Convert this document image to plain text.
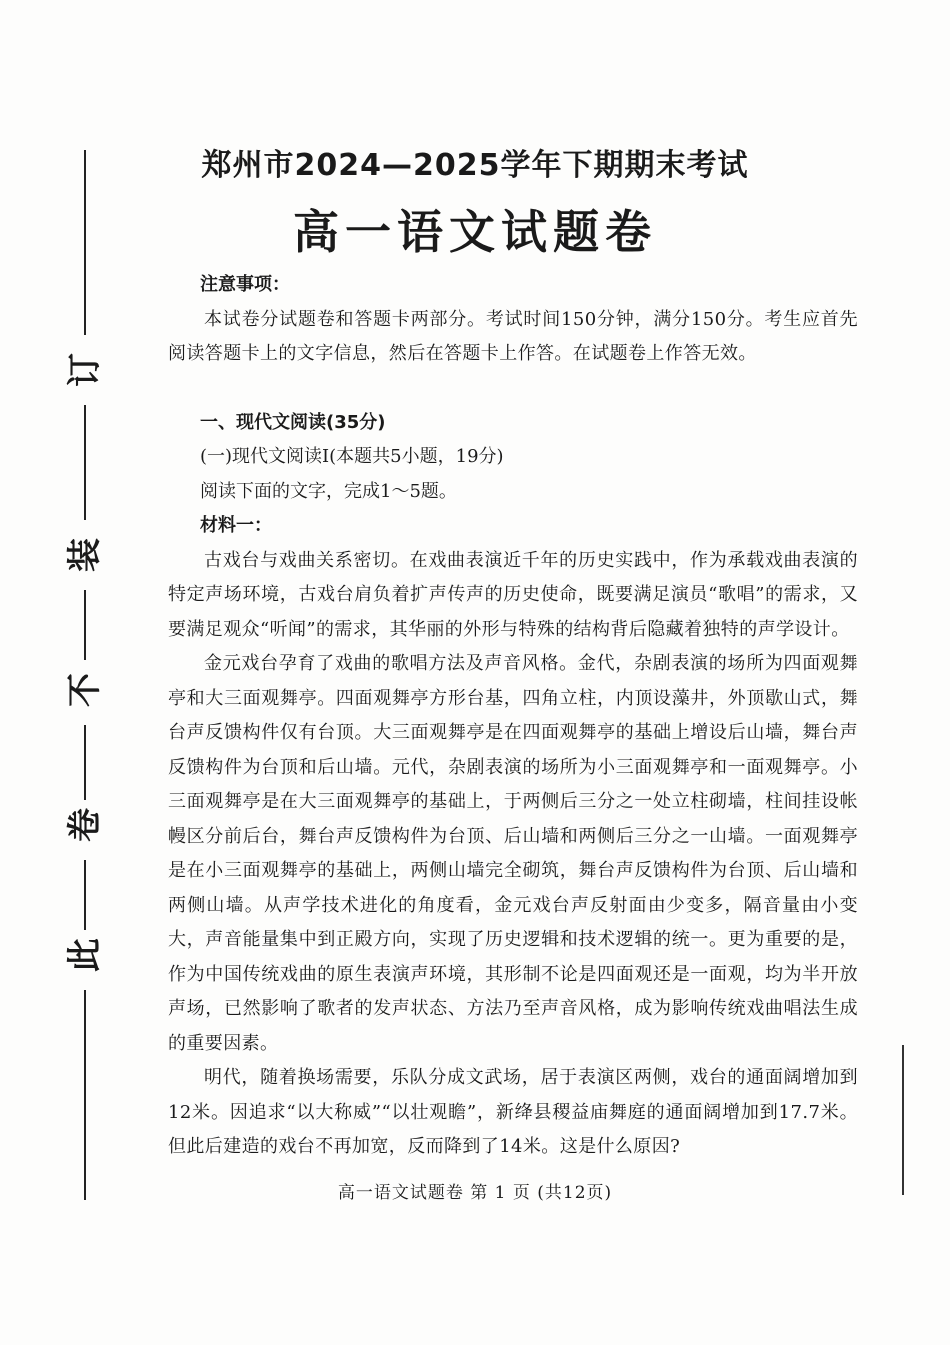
订
装
不
卷
此
郑州市2024—2025学年下期期末考试
高一语文试题卷
注意事项：

本试卷分试题卷和答题卡两部分。考试时间150分钟，满分150分。考生应首先阅读答题卡上的文字信息，然后在答题卡上作答。在试题卷上作答无效。

一、现代文阅读(35分)

(一)现代文阅读Ⅰ(本题共5小题，19分)

阅读下面的文字，完成1～5题。

材料一：

古戏台与戏曲关系密切。在戏曲表演近千年的历史实践中，作为承载戏曲表演的特定声场环境，古戏台肩负着扩声传声的历史使命，既要满足演员“歌唱”的需求，又要满足观众“听闻”的需求，其华丽的外形与特殊的结构背后隐藏着独特的声学设计。

金元戏台孕育了戏曲的歌唱方法及声音风格。金代，杂剧表演的场所为四面观舞亭和大三面观舞亭。四面观舞亭方形台基，四角立柱，内顶设藻井，外顶歇山式，舞台声反馈构件仅有台顶。大三面观舞亭是在四面观舞亭的基础上增设后山墙，舞台声反馈构件为台顶和后山墙。元代，杂剧表演的场所为小三面观舞亭和一面观舞亭。小三面观舞亭是在大三面观舞亭的基础上，于两侧后三分之一处立柱砌墙，柱间挂设帐幔区分前后台，舞台声反馈构件为台顶、后山墙和两侧后三分之一山墙。一面观舞亭是在小三面观舞亭的基础上，两侧山墙完全砌筑，舞台声反馈构件为台顶、后山墙和两侧山墙。从声学技术进化的角度看，金元戏台声反射面由少变多，隔音量由小变大，声音能量集中到正殿方向，实现了历史逻辑和技术逻辑的统一。更为重要的是，作为中国传统戏曲的原生表演声环境，其形制不论是四面观还是一面观，均为半开放声场，已然影响了歌者的发声状态、方法乃至声音风格，成为影响传统戏曲唱法生成的重要因素。

明代，随着换场需要，乐队分成文武场，居于表演区两侧，戏台的通面阔增加到12米。因追求“以大称威”“以壮观瞻”，新绛县稷益庙舞庭的通面阔增加到17.7米。但此后建造的戏台不再加宽，反而降到了14米。这是什么原因?

高一语文试题卷 第 1 页 (共12页)
